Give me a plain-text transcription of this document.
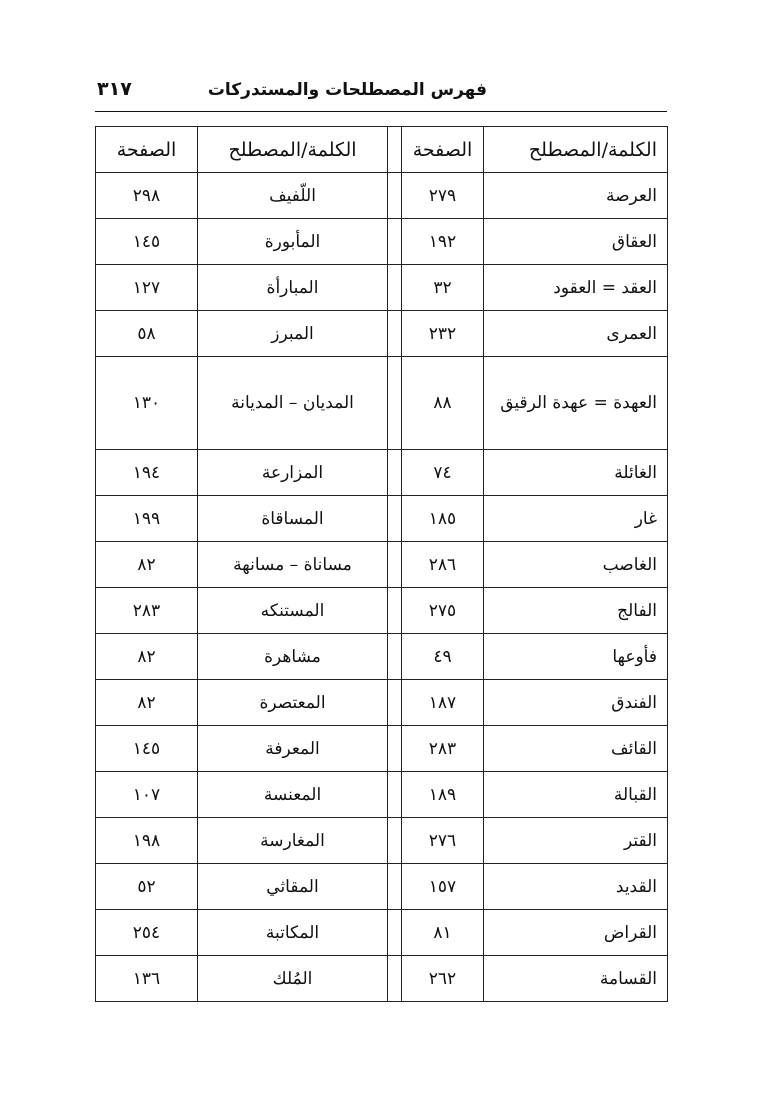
فهرس المصطلحات والمستدركات
٣١٧
الكلمة/المصطلح	الصفحة		الكلمة/المصطلح	الصفحة
العرصة	٢٧٩		اللّفيف	٢٩٨
العقاق	١٩٢		المأبورة	١٤٥
العقد = العقود	٣٢		المبارأة	١٢٧
العمرى	٢٣٢		المبرز	٥٨
العهدة = عهدة الرقيق	٨٨		المديان – المديانة	١٣٠
الغائلة	٧٤		المزارعة	١٩٤
غار	١٨٥		المساقاة	١٩٩
الغاصب	٢٨٦		مساناة – مسانهة	٨٢
الفالج	٢٧٥		المستنكه	٢٨٣
فأوعها	٤٩		مشاهرة	٨٢
الفندق	١٨٧		المعتصرة	٨٢
القائف	٢٨٣		المعرفة	١٤٥
القبالة	١٨٩		المعنسة	١٠٧
القتر	٢٧٦		المغارسة	١٩٨
القديد	١٥٧		المقاثي	٥٢
القراض	٨١		المكاتبة	٢٥٤
القسامة	٢٦٢		المُلك	١٣٦
